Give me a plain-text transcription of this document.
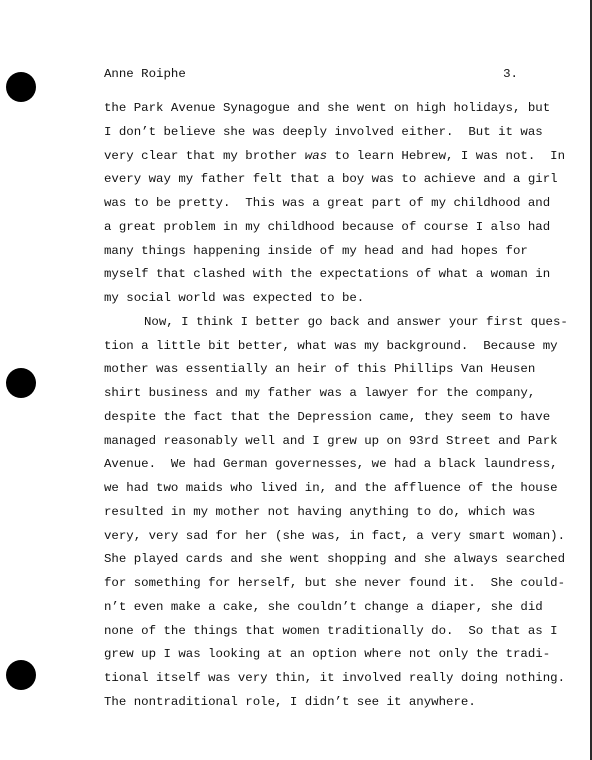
Anne Roiphe	3.
the Park Avenue Synagogue and she went on high holidays, but
I don’t believe she was deeply involved either.  But it was
very clear that my brother was to learn Hebrew, I was not.  In
every way my father felt that a boy was to achieve and a girl
was to be pretty.  This was a great part of my childhood and
a great problem in my childhood because of course I also had
many things happening inside of my head and had hopes for
myself that clashed with the expectations of what a woman in
my social world was expected to be.
Now, I think I better go back and answer your first ques-
tion a little bit better, what was my background.  Because my
mother was essentially an heir of this Phillips Van Heusen
shirt business and my father was a lawyer for the company,
despite the fact that the Depression came, they seem to have
managed reasonably well and I grew up on 93rd Street and Park
Avenue.  We had German governesses, we had a black laundress,
we had two maids who lived in, and the affluence of the house
resulted in my mother not having anything to do, which was
very, very sad for her (she was, in fact, a very smart woman).
She played cards and she went shopping and she always searched
for something for herself, but she never found it.  She could-
n’t even make a cake, she couldn’t change a diaper, she did
none of the things that women traditionally do.  So that as I
grew up I was looking at an option where not only the tradi-
tional itself was very thin, it involved really doing nothing.
The nontraditional role, I didn’t see it anywhere.
